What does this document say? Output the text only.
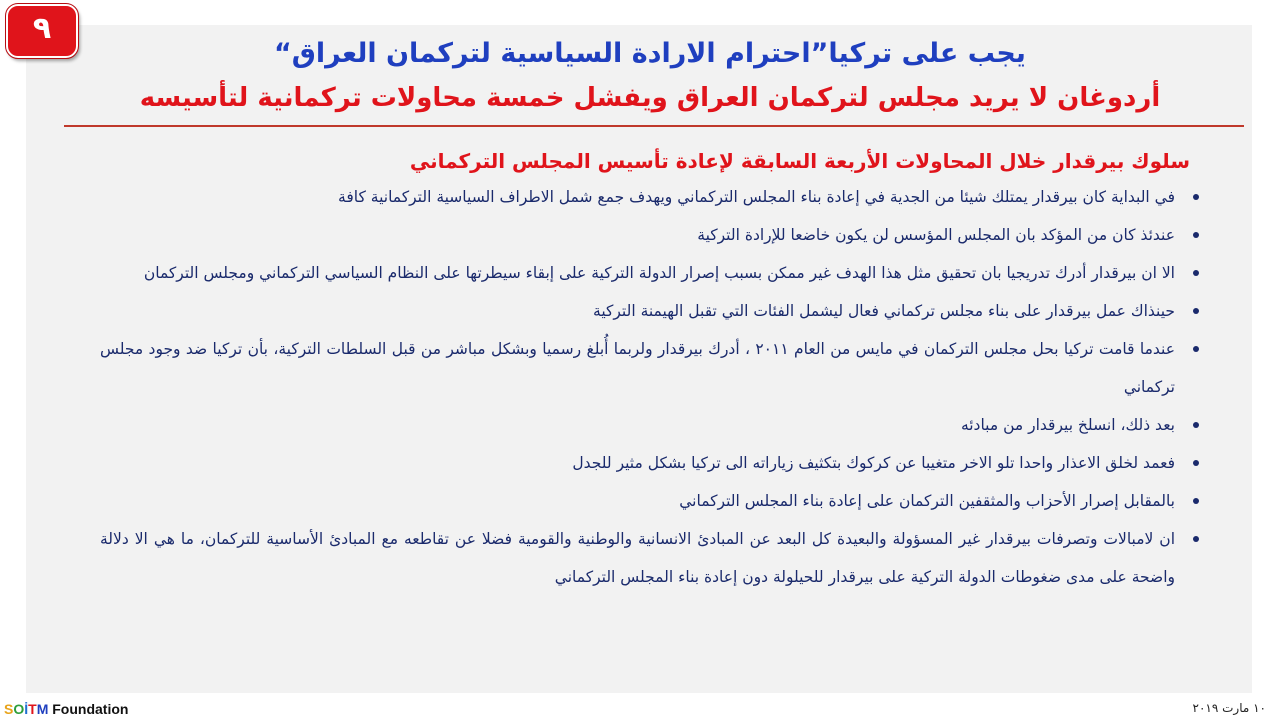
٩
يجب على تركيا”احترام الارادة السياسية لتركمان العراق“
أردوغان لا يريد مجلس لتركمان العراق ويفشل خمسة محاولات تركمانية لتأسيسه
سلوك بيرقدار خلال المحاولات الأربعة السابقة لإعادة تأسيس المجلس التركماني
في البداية كان بيرقدار يمتلك شيئا من الجدية في إعادة بناء المجلس التركماني ويهدف جمع شمل الاطراف السياسية التركمانية كافة
عندئذ كان من المؤكد بان المجلس المؤسس لن يكون خاضعا للإرادة التركية
الا ان بيرقدار أدرك تدريجيا بان تحقيق مثل هذا الهدف غير ممكن بسبب إصرار الدولة التركية على إبقاء سيطرتها على النظام السياسي التركماني ومجلس التركمان
حينذاك عمل بيرقدار على بناء مجلس تركماني فعال ليشمل الفئات التي تقبل الهيمنة التركية
عندما قامت تركيا بحل مجلس التركمان في مايس من العام ٢٠١١ ، أدرك بيرقدار ولربما أُبلغ رسميا وبشكل مباشر من قبل السلطات التركية، بأن تركيا ضد وجود مجلس تركماني
بعد ذلك، انسلخ بيرقدار من مبادئه
فعمد لخلق الاعذار واحدا تلو الاخر متغيبا عن كركوك بتكثيف زياراته الى تركيا بشكل مثير للجدل
بالمقابل إصرار الأحزاب والمثقفين التركمان على إعادة بناء المجلس التركماني
ان لامبالات وتصرفات بيرقدار غير المسؤولة والبعيدة كل البعد عن المبادئ الانسانية والوطنية والقومية فضلا عن تقاطعه مع المبادئ الأساسية للتركمان، ما هي الا دلالة واضحة على مدى ضغوطات الدولة التركية على بيرقدار للحيلولة دون إعادة بناء المجلس التركماني
SOİTM Foundation	١٠ مارت ٢٠١٩
